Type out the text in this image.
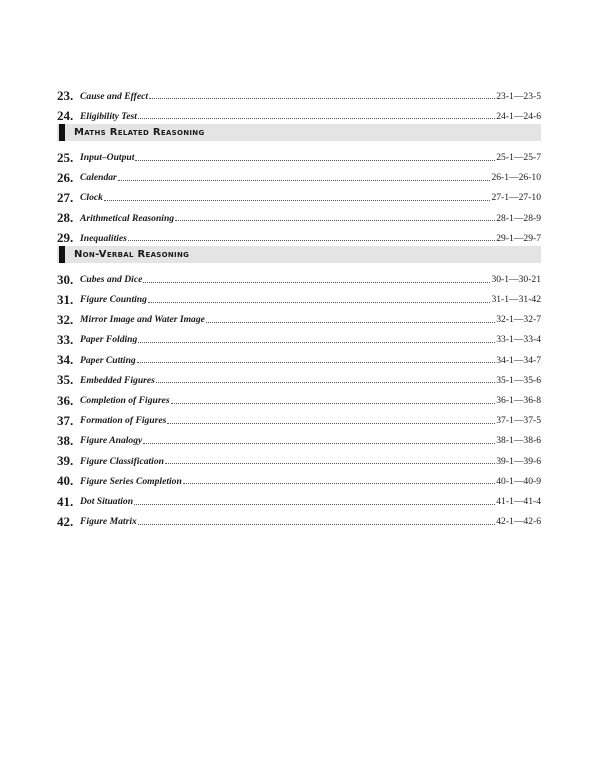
23. Cause and Effect	23-1—23-5
24. Eligibility Test	24-1—24-6
Maths Related Reasoning
25. Input–Output	25-1—25-7
26. Calendar	26-1—26-10
27. Clock	27-1—27-10
28. Arithmetical Reasoning	28-1—28-9
29. Inequalities	29-1—29-7
Non-Verbal Reasoning
30. Cubes and Dice	30-1—30-21
31. Figure Counting	31-1—31-42
32. Mirror Image and Water Image	32-1—32-7
33. Paper Folding	33-1—33-4
34. Paper Cutting	34-1—34-7
35. Embedded Figures	35-1—35-6
36. Completion of Figures	36-1—36-8
37. Formation of Figures	37-1—37-5
38. Figure Analogy	38-1—38-6
39. Figure Classification	39-1—39-6
40. Figure Series Completion	40-1—40-9
41. Dot Situation	41-1—41-4
42. Figure Matrix	42-1—42-6
